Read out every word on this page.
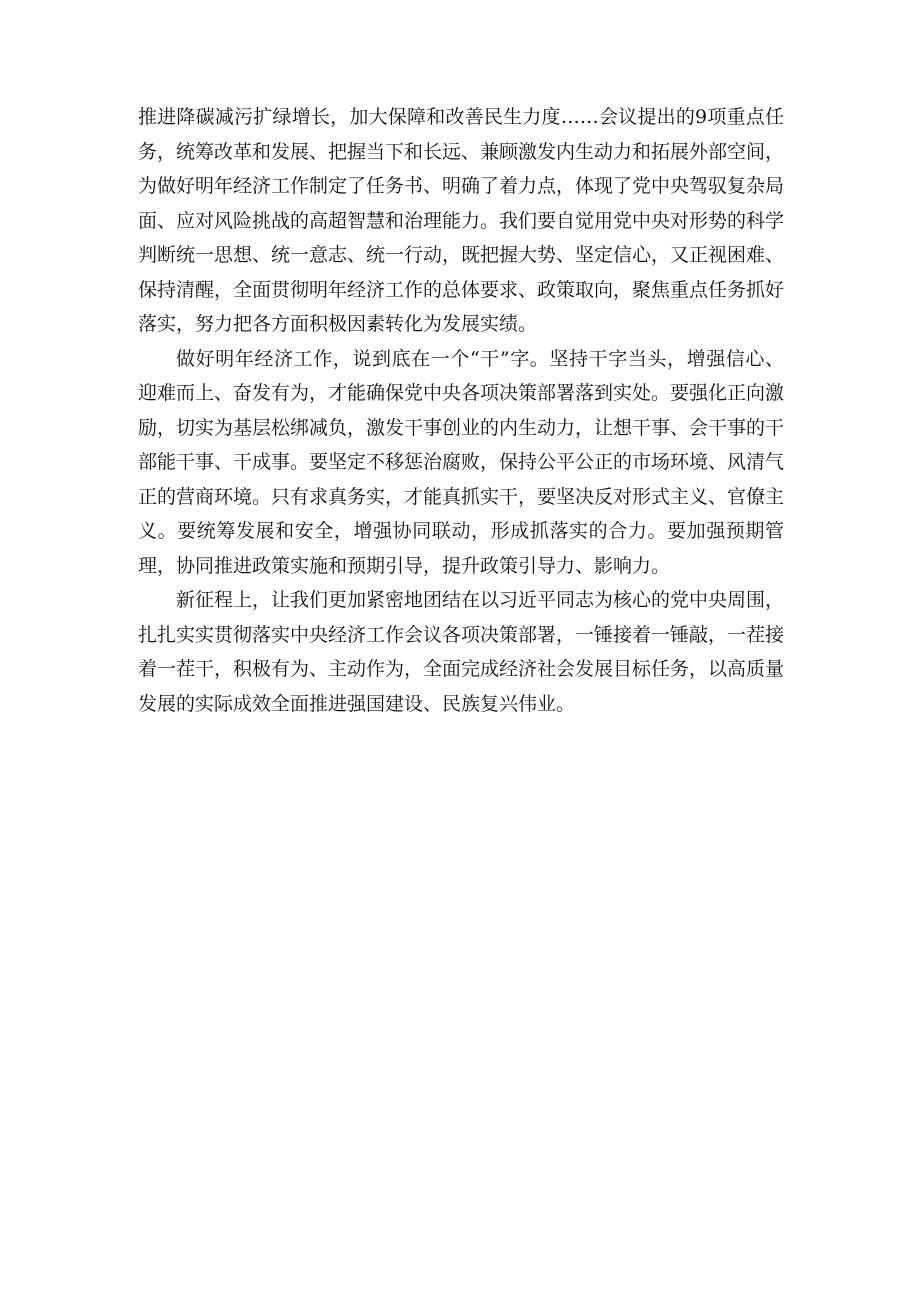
推进降碳减污扩绿增长，加大保障和改善民生力度……会议提出的9项重点任务，统筹改革和发展、把握当下和长远、兼顾激发内生动力和拓展外部空间，为做好明年经济工作制定了任务书、明确了着力点，体现了党中央驾驭复杂局面、应对风险挑战的高超智慧和治理能力。我们要自觉用党中央对形势的科学判断统一思想、统一意志、统一行动，既把握大势、坚定信心，又正视困难、保持清醒，全面贯彻明年经济工作的总体要求、政策取向，聚焦重点任务抓好落实，努力把各方面积极因素转化为发展实绩。

做好明年经济工作，说到底在一个“干”字。坚持干字当头，增强信心、迎难而上、奋发有为，才能确保党中央各项决策部署落到实处。要强化正向激励，切实为基层松绑减负，激发干事创业的内生动力，让想干事、会干事的干部能干事、干成事。要坚定不移惩治腐败，保持公平公正的市场环境、风清气正的营商环境。只有求真务实，才能真抓实干，要坚决反对形式主义、官僚主义。要统筹发展和安全，增强协同联动，形成抓落实的合力。要加强预期管理，协同推进政策实施和预期引导，提升政策引导力、影响力。

新征程上，让我们更加紧密地团结在以习近平同志为核心的党中央周围，扎扎实实贯彻落实中央经济工作会议各项决策部署，一锤接着一锤敲，一茬接着一茬干，积极有为、主动作为，全面完成经济社会发展目标任务，以高质量发展的实际成效全面推进强国建设、民族复兴伟业。
